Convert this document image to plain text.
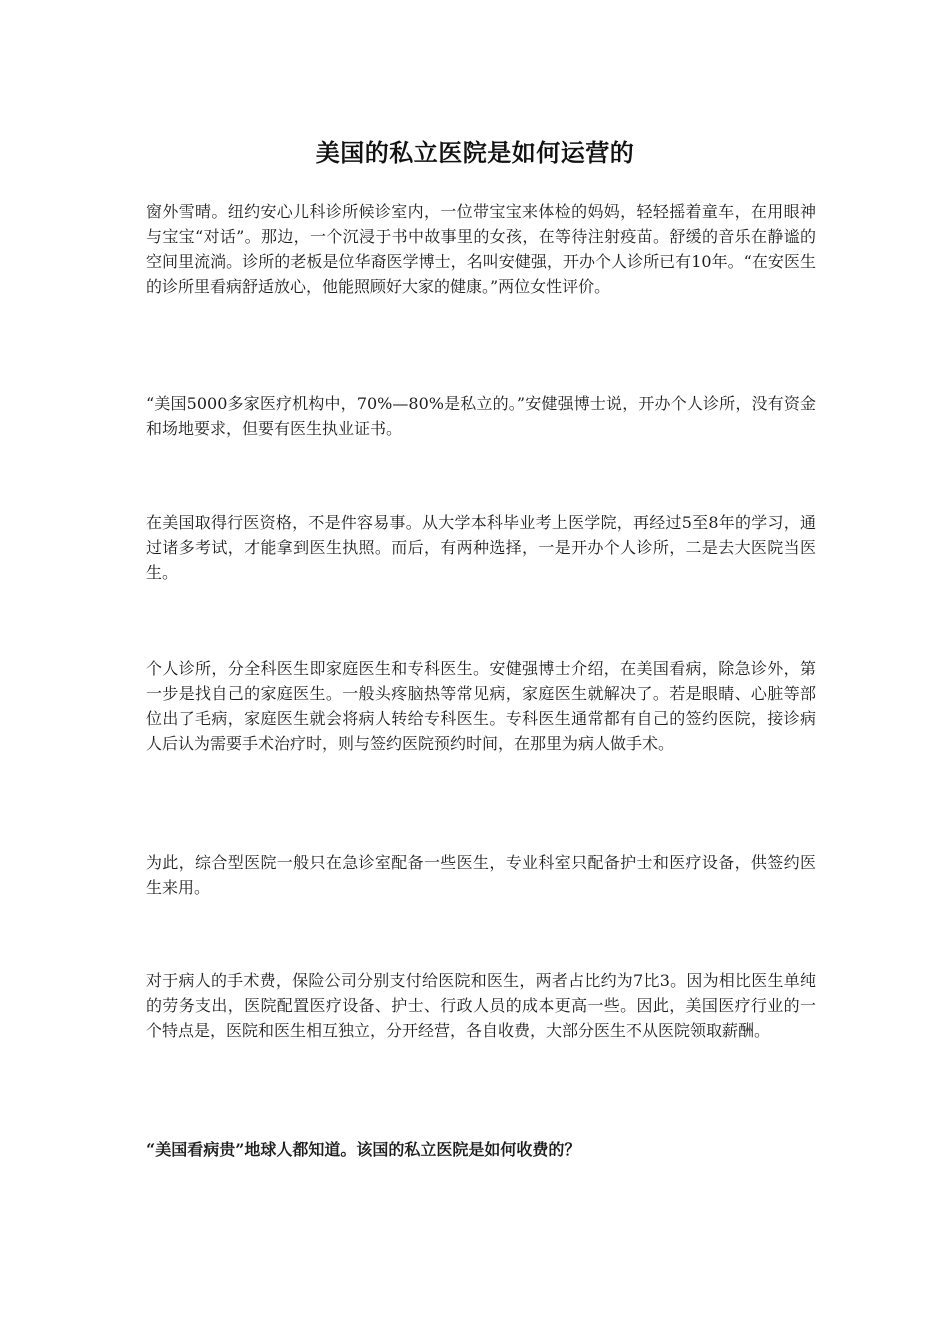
美国的私立医院是如何运营的

窗外雪晴。纽约安心儿科诊所候诊室内，一位带宝宝来体检的妈妈，轻轻摇着童车，在用眼神与宝宝“对话”。那边，一个沉浸于书中故事里的女孩，在等待注射疫苗。舒缓的音乐在静谧的空间里流淌。诊所的老板是位华裔医学博士，名叫安健强，开办个人诊所已有10年。“在安医生的诊所里看病舒适放心，他能照顾好大家的健康。”两位女性评价。

“美国5000多家医疗机构中，70%—80%是私立的。”安健强博士说，开办个人诊所，没有资金和场地要求，但要有医生执业证书。

在美国取得行医资格，不是件容易事。从大学本科毕业考上医学院，再经过5至8年的学习，通过诸多考试，才能拿到医生执照。而后，有两种选择，一是开办个人诊所，二是去大医院当医生。

个人诊所，分全科医生即家庭医生和专科医生。安健强博士介绍，在美国看病，除急诊外，第一步是找自己的家庭医生。一般头疼脑热等常见病，家庭医生就解决了。若是眼睛、心脏等部位出了毛病，家庭医生就会将病人转给专科医生。专科医生通常都有自己的签约医院，接诊病人后认为需要手术治疗时，则与签约医院预约时间，在那里为病人做手术。

为此，综合型医院一般只在急诊室配备一些医生，专业科室只配备护士和医疗设备，供签约医生来用。

对于病人的手术费，保险公司分别支付给医院和医生，两者占比约为7比3。因为相比医生单纯的劳务支出，医院配置医疗设备、护士、行政人员的成本更高一些。因此，美国医疗行业的一个特点是，医院和医生相互独立，分开经营，各自收费，大部分医生不从医院领取薪酬。

“美国看病贵”地球人都知道。该国的私立医院是如何收费的？
